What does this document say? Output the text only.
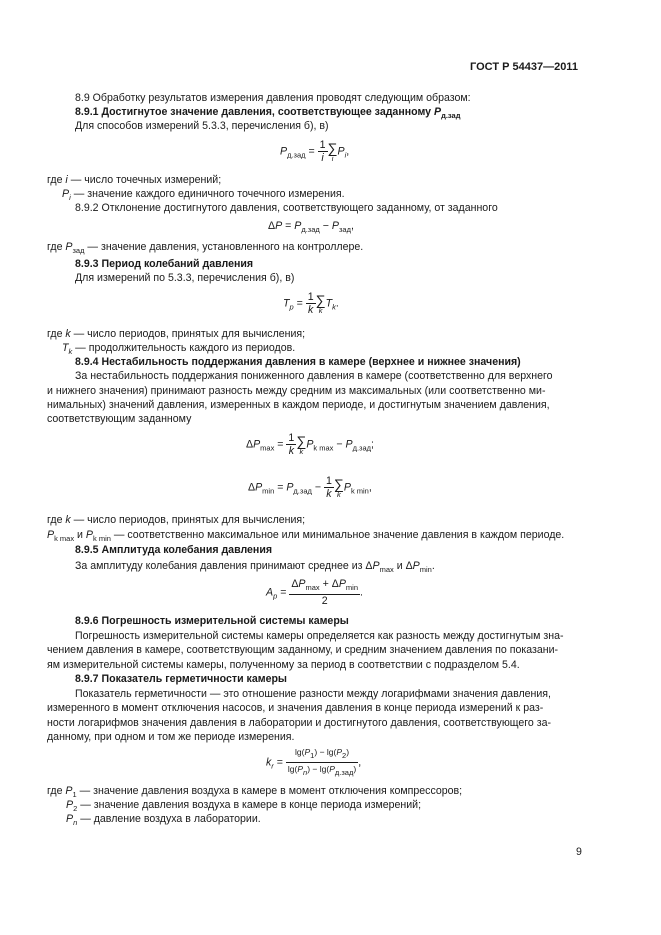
ГОСТ Р 54437—2011
8.9 Обработку результатов измерения давления проводят следующим образом:
8.9.1 Достигнутое значение давления, соответствующее заданному $P_{д.зад}$
Для способов измерений 5.3.3, перечисления б), в)
$P_{д.зад} = \frac{1}{i}$ ∑
i
$P_i$,
где i — число точечных измерений;
$P_i$ — значение каждого единичного точечного измерения.
8.9.2 Отклонение достигнутого давления, соответствующего заданному, от заданного
$\Delta P = P_{д.зад} - P_{зад}$,
где $P_{зад}$ — значение давления, установленного на контроллере.
8.9.3 Период колебаний давления
Для измерений по 5.3.3, перечисления б), в)
$T_p = \frac{1}{k}$ ∑
k
$T_k$.
где k — число периодов, принятых для вычисления;
$T_k$ — продолжительность каждого из периодов.
8.9.4 Нестабильность поддержания давления в камере (верхнее и нижнее значения)
За нестабильность поддержания пониженного давления в камере (соответственно для верхнего
и нижнего значения) принимают разность между средним из максимальных (или соответственно ми-
нимальных) значений давления, измеренных в каждом периоде, и достигнутым значением давления,
соответствующим заданному
$\Delta P_{max} = \frac{1}{k}$ ∑
k
$P_{k max} - P_{д.зад}$;
$\Delta P_{min} = P_{д.зад} - \frac{1}{k}$ ∑
k
$P_{k min}$,
где k — число периодов, принятых для вычисления;
$P_{k max}$ и $P_{k min}$ — соответственно максимальное или минимальное значение давления в каждом периоде.
8.9.5 Амплитуда колебания давления
За амплитуду колебания давления принимают среднее из $\Delta P_{max}$ и $\Delta P_{min}$.
$A_p = \frac{\Delta P_{max} + \Delta P_{min}}{2}$ .
8.9.6 Погрешность измерительной системы камеры
Погрешность измерительной системы камеры определяется как разность между достигнутым зна-
чением давления в камере, соответствующим заданному, и средним значением давления по показани-
ям измерительной системы камеры, полученному за период в соответствии с подразделом 5.4.
8.9.7 Показатель герметичности камеры
Показатель герметичности — это отношение разности между логарифмами значения давления,
измеренного в момент отключения насосов, и значения давления в конце периода измерений к раз-
ности логарифмов значения давления в лаборатории и достигнутого давления, соответствующего за-
данному, при одном и том же периоде измерения.
$k_r = \frac{\lg(P1) - \lg(P2)}{\text{lg(Pn) − lg(Pд.зад)}}$ ,
где $P_1$ — значение давления воздуха в камере в момент отключения компрессоров;
$P_2$ — значение давления воздуха в камере в конце периода измерений;
$P_n$ — давление воздуха в лаборатории.
9
